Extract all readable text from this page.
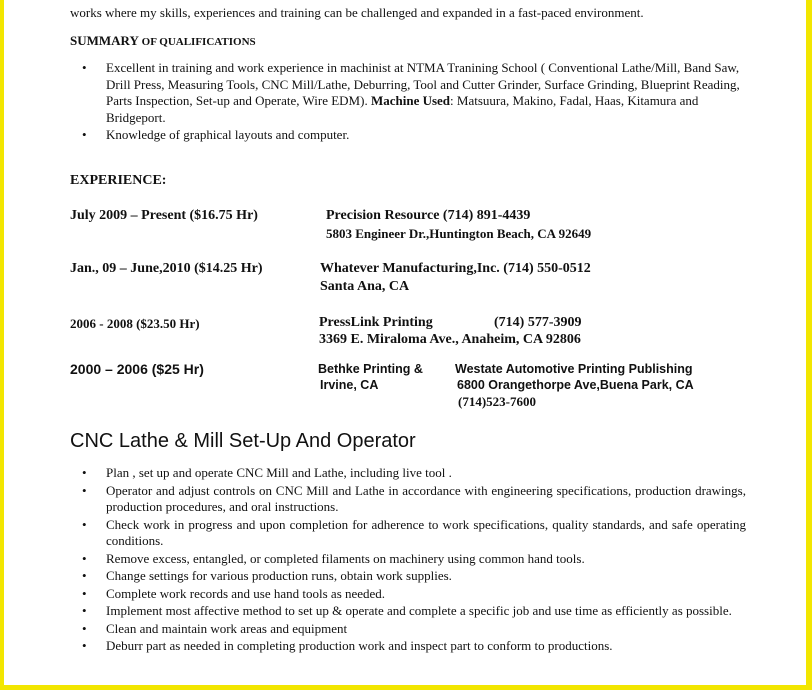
works where my skills, experiences and training can be challenged and expanded in a fast-paced environment.
SUMMARY OF QUALIFICATIONS
• Excellent in training and work experience in machinist at NTMA Tranining School ( Conventional Lathe/Mill, Band Saw, Drill Press, Measuring Tools, CNC Mill/Lathe, Deburring, Tool and Cutter Grinder, Surface Grinding, Blueprint Reading, Parts Inspection, Set-up and Operate, Wire EDM). Machine Used: Matsuura, Makino, Fadal, Haas, Kitamura and Bridgeport.
• Knowledge of graphical layouts and computer.
EXPERIENCE:
July 2009 – Present ($16.75 Hr)	Precision Resource (714) 891-4439
5803 Engineer Dr.,Huntington Beach, CA 92649
Jan., 09 – June,2010 ($14.25 Hr)	Whatever Manufacturing,Inc. (714) 550-0512
Santa Ana, CA
2006 - 2008 ($23.50 Hr)	PressLink Printing	(714) 577-3909
3369 E. Miraloma Ave., Anaheim, CA 92806
2000 – 2006 ($25 Hr)	Bethke Printing &	Westate Automotive Printing Publishing
Irvine, CA	6800 Orangethorpe Ave,Buena Park, CA
(714)523-7600
CNC Lathe & Mill Set-Up And Operator
• Plan , set up and operate CNC Mill and Lathe, including live tool .
• Operator and adjust controls on CNC Mill and Lathe in accordance with engineering specifications, production drawings, production procedures, and oral instructions.
• Check work in progress and upon completion for adherence to work specifications, quality standards, and safe operating conditions.
• Remove excess, entangled, or completed filaments on machinery using common hand tools.
• Change settings for various production runs, obtain work supplies.
• Complete work records and use hand tools as needed.
• Implement most affective method to set up & operate and complete a specific job and use time as efficiently as possible.
• Clean and maintain work areas and equipment
• Deburr part as needed in completing production work and inspect part to conform to productions.
